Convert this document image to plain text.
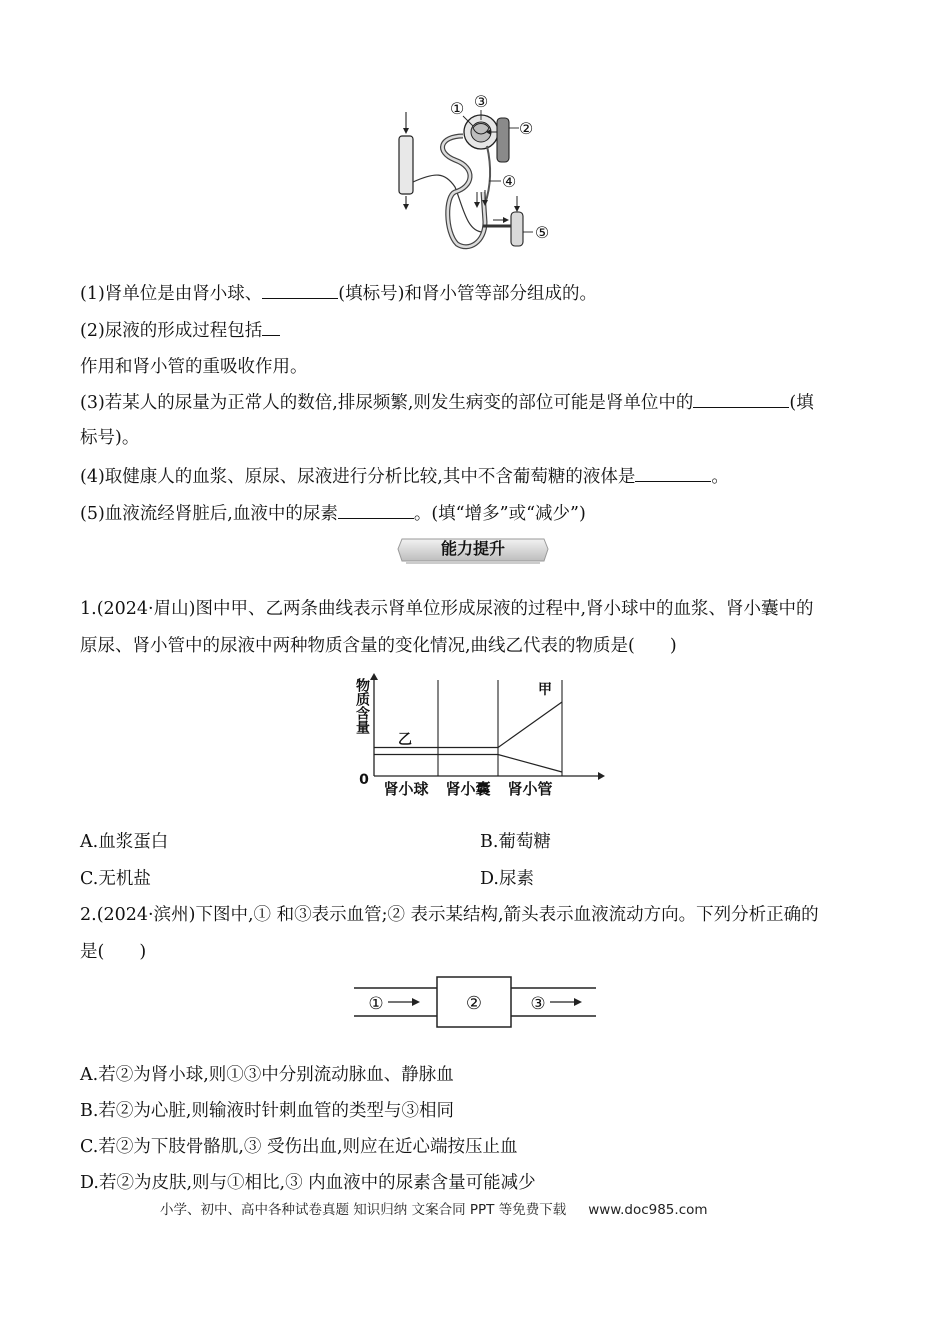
① ③
②
④
⑤
(1)肾单位是由肾小球、	(填标号)和肾小管等部分组成的。
(2)尿液的形成过程包括
作用和肾小管的重吸收作用。
(3)若某人的尿量为正常人的数倍,排尿频繁,则发生病变的部位可能是肾单位中的	(填
标号)。
(4)取健康人的血浆、原尿、尿液进行分析比较,其中不含葡萄糖的液体是	。
(5)血液流经肾脏后,血液中的尿素	。(填“增多”或“减少”)
能力提升
1.(2024·眉山)图中甲、乙两条曲线表示肾单位形成尿液的过程中,肾小球中的血浆、肾小囊中的
原尿、肾小管中的尿液中两种物质含量的变化情况,曲线乙代表的物质是(　　)
物质含量
0 肾小球 肾小囊 肾小管
甲
乙
A.血浆蛋白	B.葡萄糖
C.无机盐	D.尿素
2.(2024·滨州)下图中,① 和③表示血管;② 表示某结构,箭头表示血液流动方向。下列分析正确的
是(　　)
①	②	③
A.若②为肾小球,则①③中分别流动脉血、静脉血
B.若②为心脏,则输液时针刺血管的类型与③相同
C.若②为下肢骨骼肌,③ 受伤出血,则应在近心端按压止血
D.若②为皮肤,则与①相比,③ 内血液中的尿素含量可能减少
小学、初中、高中各种试卷真题 知识归纳 文案合同 PPT 等免费下载 www.doc985.com
